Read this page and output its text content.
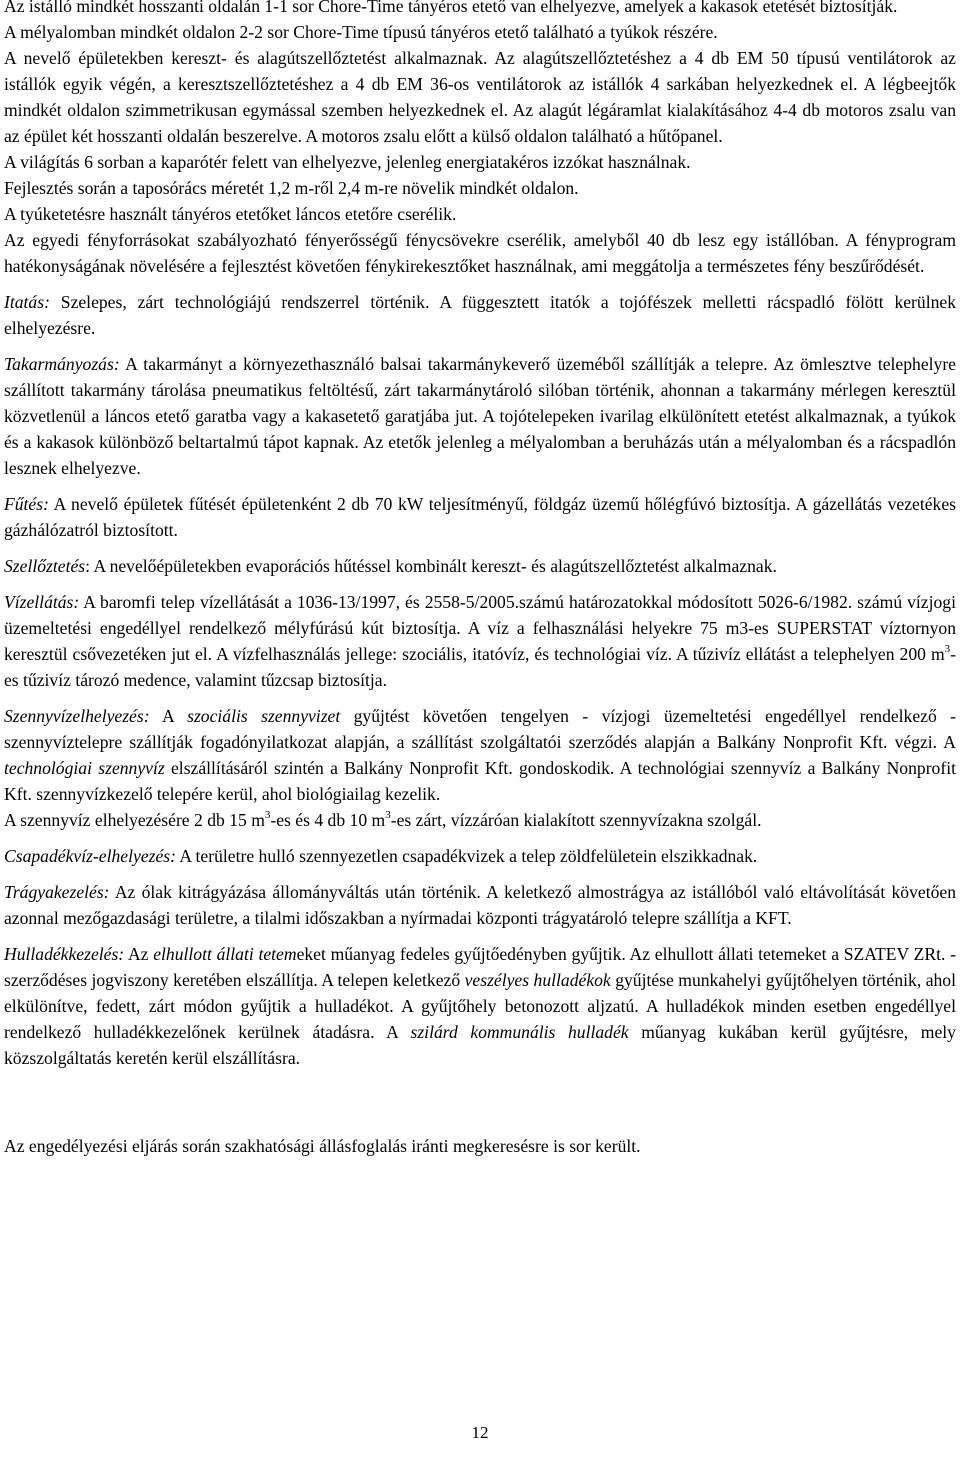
Az istálló mindkét hosszanti oldalán 1-1 sor Chore-Time tányéros etető van elhelyezve, amelyek a kakasok etetését biztosítják.

A mélyalomban mindkét oldalon 2-2 sor Chore-Time típusú tányéros etető található a tyúkok részére.

A nevelő épületekben kereszt- és alagútszellőztetést alkalmaznak. Az alagútszellőztetéshez a 4 db EM 50 típusú ventilátorok az istállók egyik végén, a keresztszellőztetéshez a 4 db EM 36-os ventilátorok az istállók 4 sarkában helyezkednek el. A légbeejtők mindkét oldalon szimmetrikusan egymással szemben helyezkednek el. Az alagút légáramlat kialakításához 4-4 db motoros zsalu van az épület két hosszanti oldalán beszerelve. A motoros zsalu előtt a külső oldalon található a hűtőpanel.

A világítás 6 sorban a kaparótér felett van elhelyezve, jelenleg energiatakéros izzókat használnak.

Fejlesztés során a taposórács méretét 1,2 m-ről 2,4 m-re növelik mindkét oldalon.

A tyúketetésre használt tányéros etetőket láncos etetőre cserélik.

Az egyedi fényforrásokat szabályozható fényerősségű fénycsövekre cserélik, amelyből 40 db lesz egy istállóban. A fényprogram hatékonyságának növelésére a fejlesztést követően fénykirekesztőket használnak, ami meggátolja a természetes fény beszűrődését.

Itatás: Szelepes, zárt technológiájú rendszerrel történik. A függesztett itatók a tojófészek melletti rácspadló fölött kerülnek elhelyezésre.

Takarmányozás: A takarmányt a környezethasználó balsai takarmánykeverő üzeméből szállítják a telepre. Az ömlesztve telephelyre szállított takarmány tárolása pneumatikus feltöltésű, zárt takarmánytároló silóban történik, ahonnan a takarmány mérlegen keresztül közvetlenül a láncos etető garatba vagy a kakasetető garatjába jut. A tojótelepeken ivarilag elkülönített etetést alkalmaznak, a tyúkok és a kakasok különböző beltartalmú tápot kapnak. Az etetők jelenleg a mélyalomban a beruházás után a mélyalomban és a rácspadlón lesznek elhelyezve.

Fűtés: A nevelő épületek fűtését épületenként 2 db 70 kW teljesítményű, földgáz üzemű hőlégfúvó biztosítja. A gázellátás vezetékes gázhálózatról biztosított.

Szellőztetés: A nevelőépületekben evaporációs hűtéssel kombinált kereszt- és alagútszellőztetést alkalmaznak.

Vízellátás: A baromfi telep vízellátását a 1036-13/1997, és 2558-5/2005.számú határozatokkal módosított 5026-6/1982. számú vízjogi üzemeltetési engedéllyel rendelkező mélyfúrású kút biztosítja. A víz a felhasználási helyekre 75 m3-es SUPERSTAT víztornyon keresztül csővezetéken jut el. A vízfelhasználás jellege: szociális, itatóvíz, és technológiai víz. A tűzivíz ellátást a telephelyen 200 $m^3-es$ tűzivíz tározó medence, valamint tűzcsap biztosítja.

Szennyvízelhelyezés: A szociális szennyvizet gyűjtést követően tengelyen - vízjogi üzemeltetési engedéllyel rendelkező - szennyvíztelepre szállítják fogadónyilatkozat alapján, a szállítást szolgáltatói szerződés alapján a Balkány Nonprofit Kft. végzi. A technológiai szennyvíz elszállításáról szintén a Balkány Nonprofit Kft. gondoskodik. A technológiai szennyvíz a Balkány Nonprofit Kft. szennyvízkezelő telepére kerül, ahol biológiailag kezelik.

A szennyvíz elhelyezésére 2 db 15 $m^3-es$ és 4 db 10 $m^3-es$ zárt, vízzáróan kialakított szennyvízakna szolgál.

Csapadékvíz-elhelyezés: A területre hulló szennyezetlen csapadékvizek a telep zöldfelületein elszikkadnak.

Trágyakezelés: Az ólak kitrágyázása állományváltás után történik. A keletkező almostrágya az istállóból való eltávolítását követően azonnal mezőgazdasági területre, a tilalmi időszakban a nyírmadai központi trágyatároló telepre szállítja a KFT.

Hulladékkezelés: Az elhullott állati tetemeket műanyag fedeles gyűjtőedényben gyűjtik. Az elhullott állati tetemeket a SZATEV ZRt. - szerződéses jogviszony keretében elszállítja. A telepen keletkező veszélyes hulladékok gyűjtése munkahelyi gyűjtőhelyen történik, ahol elkülönítve, fedett, zárt módon gyűjtik a hulladékot. A gyűjtőhely betonozott aljzatú. A hulladékok minden esetben engedéllyel rendelkező hulladékkezelőnek kerülnek átadásra. A szilárd kommunális hulladék műanyag kukában kerül gyűjtésre, mely közszolgáltatás keretén kerül elszállításra.

Az engedélyezési eljárás során szakhatósági állásfoglalás iránti megkeresésre is sor került.

12
